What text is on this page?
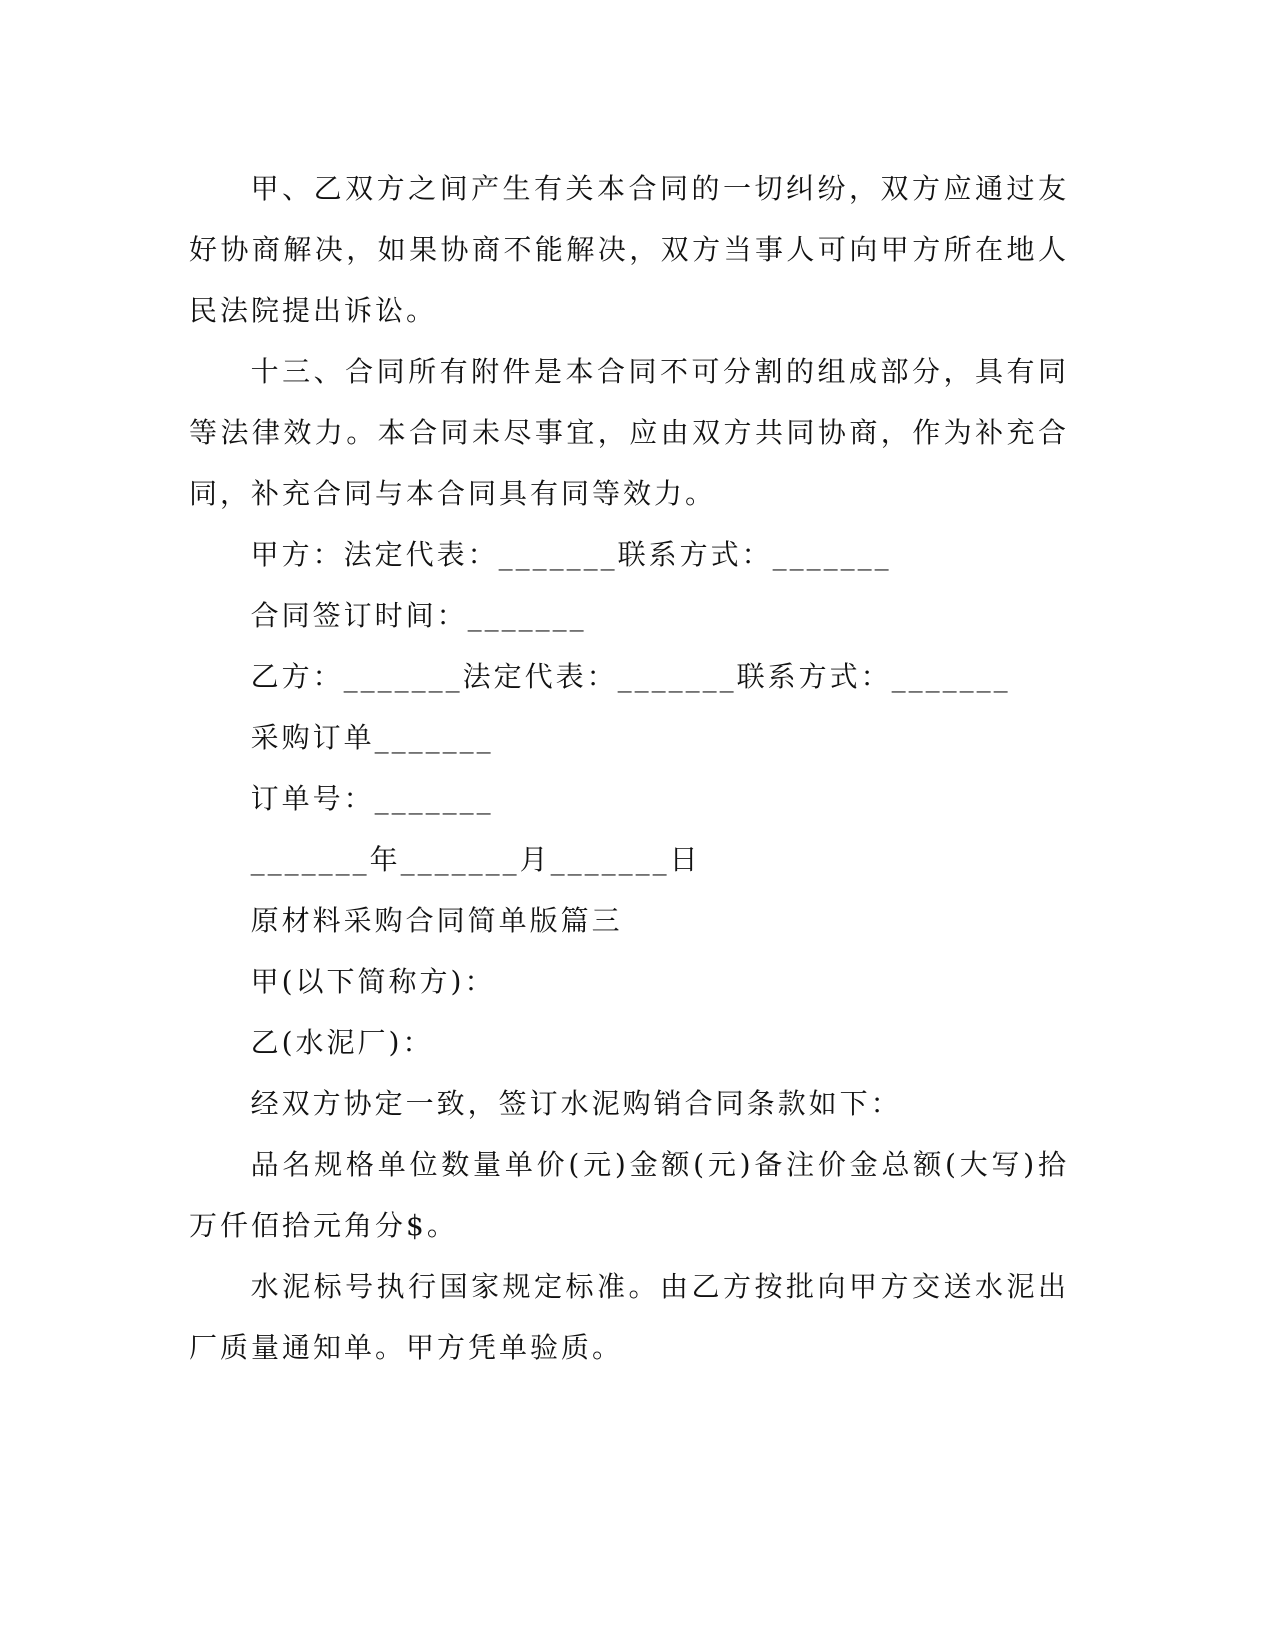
甲、乙双方之间产生有关本合同的一切纠纷，双方应通过友好协商解决，如果协商不能解决，双方当事人可向甲方所在地人民法院提出诉讼。

十三、合同所有附件是本合同不可分割的组成部分，具有同等法律效力。本合同未尽事宜，应由双方共同协商，作为补充合同，补充合同与本合同具有同等效力。

甲方：法定代表：_______联系方式：_______

合同签订时间：_______

乙方：_______法定代表：_______联系方式：_______

采购订单_______

订单号：_______

_______年_______月_______日

原材料采购合同简单版篇三

甲(以下简称方)：

乙(水泥厂)：

经双方协定一致，签订水泥购销合同条款如下：

品名规格单位数量单价(元)金额(元)备注价金总额(大写)拾万仟佰拾元角分$。

水泥标号执行国家规定标准。由乙方按批向甲方交送水泥出厂质量通知单。甲方凭单验质。
